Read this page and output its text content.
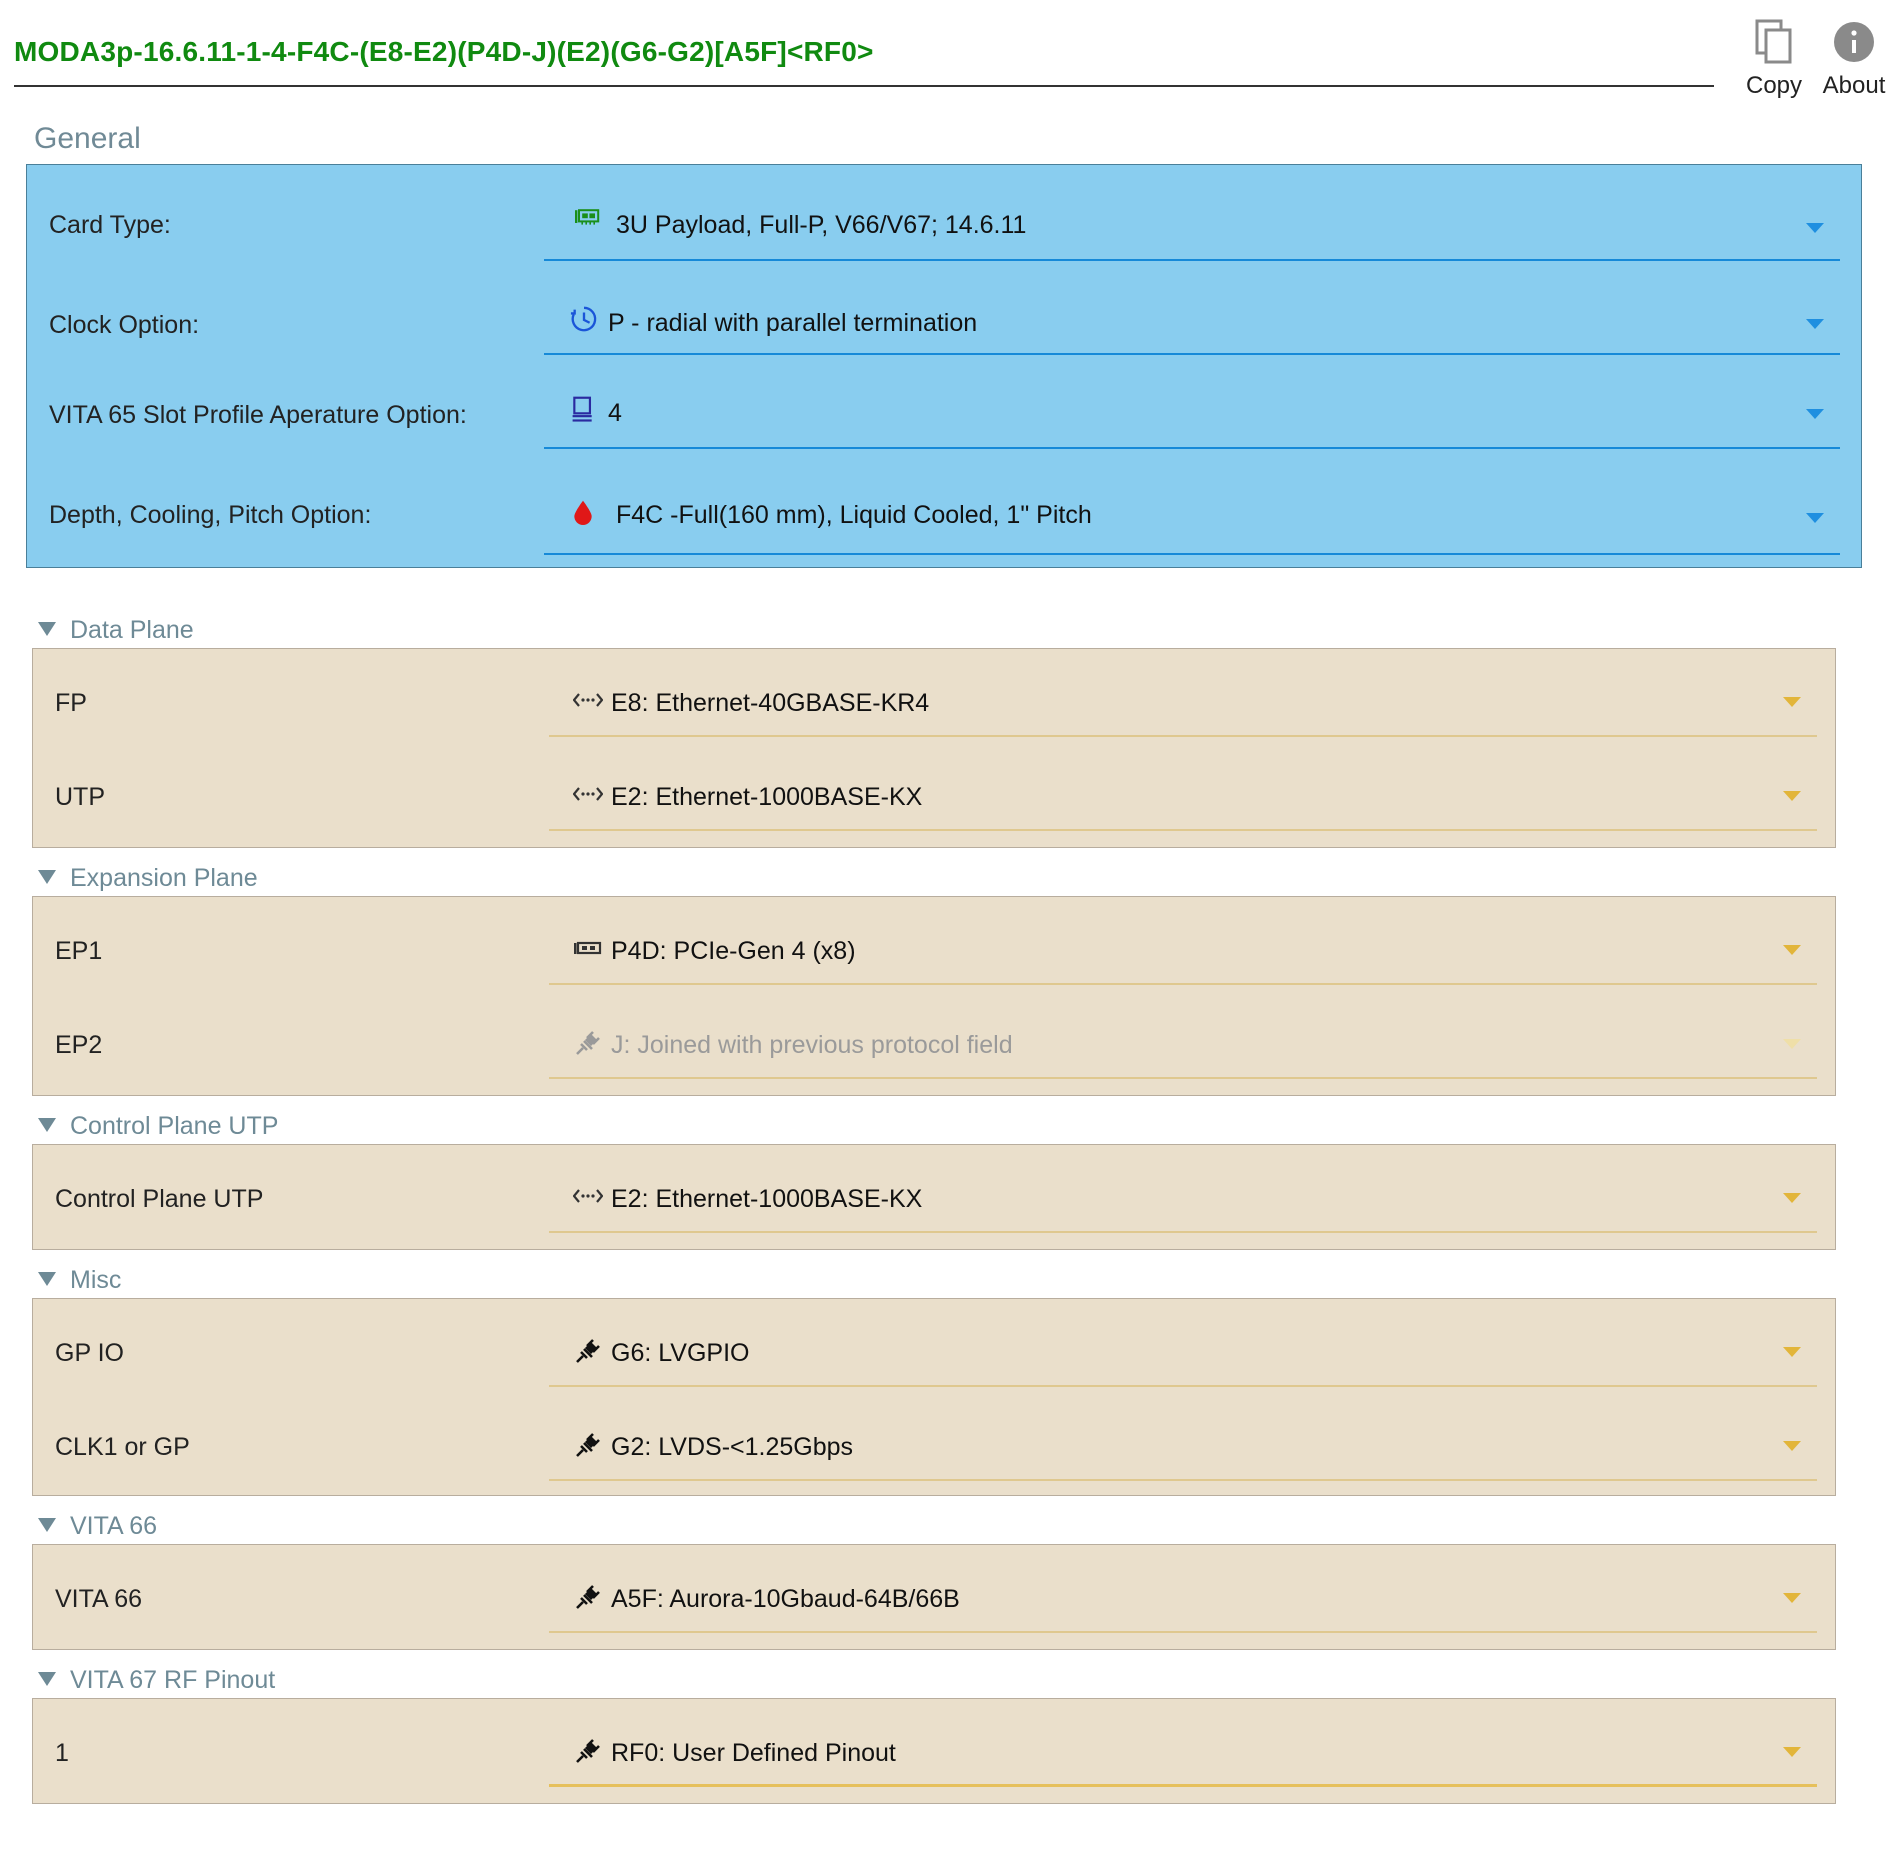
MODA3p-16.6.11-1-4-F4C-(E8-E2)(P4D-J)(E2)(G6-G2)[A5F]<RF0>
Copy About
General
Card Type:	3U Payload, Full-P, V66/V67; 14.6.11
Clock Option:	P - radial with parallel termination
VITA 65 Slot Profile Aperature Option:	4
Depth, Cooling, Pitch Option:	F4C -Full(160 mm), Liquid Cooled, 1" Pitch
Data Plane
FP	E8: Ethernet-40GBASE-KR4
UTP	E2: Ethernet-1000BASE-KX
Expansion Plane
EP1	P4D: PCIe-Gen 4 (x8)
EP2	J: Joined with previous protocol field
Control Plane UTP
Control Plane UTP	E2: Ethernet-1000BASE-KX
Misc
GP IO	G6: LVGPIO
CLK1 or GP	G2: LVDS-<1.25Gbps
VITA 66
VITA 66	A5F: Aurora-10Gbaud-64B/66B
VITA 67 RF Pinout
1	RF0: User Defined Pinout
